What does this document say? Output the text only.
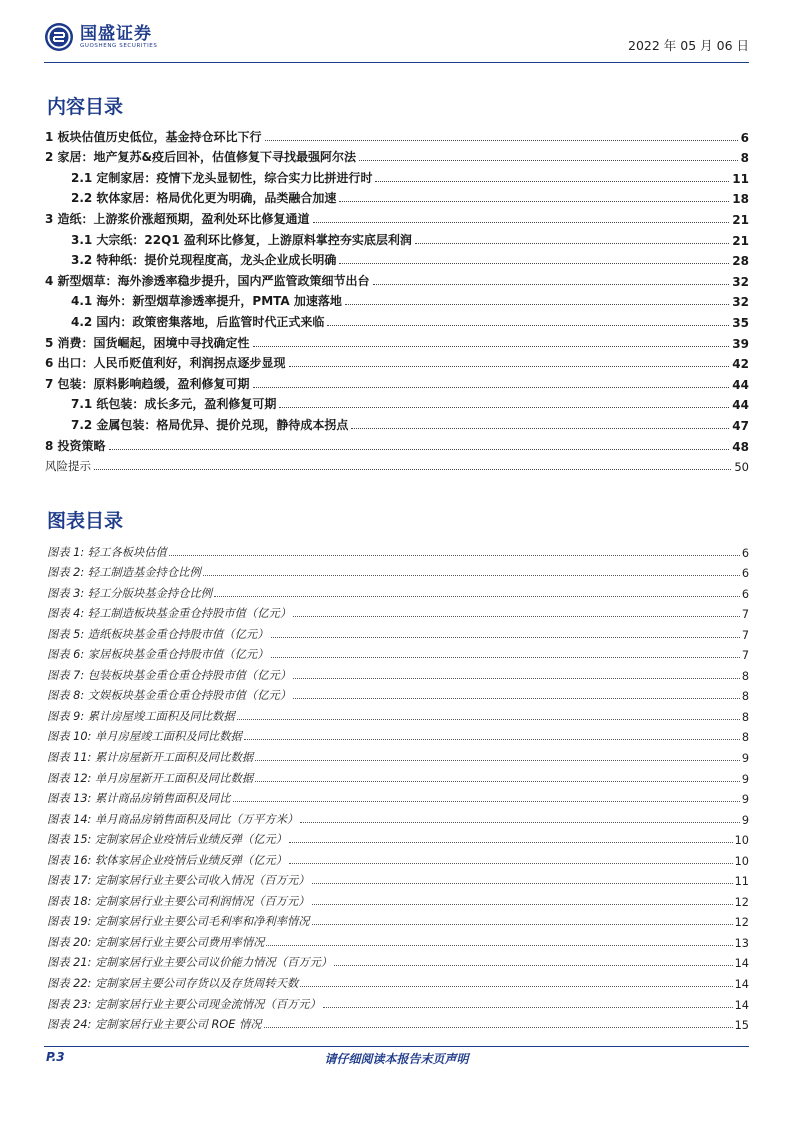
国盛证券
GUOSHENG SECURITIES	2022 年 05 月 06 日
内容目录
1 板块估值历史低位，基金持仓环比下行	6
2 家居：地产复苏&疫后回补，估值修复下寻找最强阿尔法	8
2.1 定制家居：疫情下龙头显韧性，综合实力比拼进行时	11
2.2 软体家居：格局优化更为明确，品类融合加速	18
3 造纸：上游浆价涨超预期，盈利处环比修复通道	21
3.1 大宗纸：22Q1 盈利环比修复，上游原料掌控夯实底层利润	21
3.2 特种纸：提价兑现程度高，龙头企业成长明确	28
4 新型烟草：海外渗透率稳步提升，国内严监管政策细节出台	32
4.1 海外：新型烟草渗透率提升，PMTA 加速落地	32
4.2 国内：政策密集落地，后监管时代正式来临	35
5 消费：国货崛起，困境中寻找确定性	39
6 出口：人民币贬值利好，利润拐点逐步显现	42
7 包装：原料影响趋缓，盈利修复可期	44
7.1 纸包装：成长多元，盈利修复可期	44
7.2 金属包装：格局优异、提价兑现，静待成本拐点	47
8 投资策略	48
风险提示	50
图表目录
图表 1: 轻工各板块估值	6
图表 2: 轻工制造基金持仓比例	6
图表 3: 轻工分版块基金持仓比例	6
图表 4: 轻工制造板块基金重仓持股市值（亿元）	7
图表 5: 造纸板块基金重仓持股市值（亿元）	7
图表 6: 家居板块基金重仓持股市值（亿元）	7
图表 7: 包装板块基金重仓重仓持股市值（亿元）	8
图表 8: 文娱板块基金重仓重仓持股市值（亿元）	8
图表 9: 累计房屋竣工面积及同比数据	8
图表 10: 单月房屋竣工面积及同比数据	8
图表 11: 累计房屋新开工面积及同比数据	9
图表 12: 单月房屋新开工面积及同比数据	9
图表 13: 累计商品房销售面积及同比	9
图表 14: 单月商品房销售面积及同比（万平方米）	9
图表 15: 定制家居企业疫情后业绩反弹（亿元）	10
图表 16: 软体家居企业疫情后业绩反弹（亿元）	10
图表 17: 定制家居行业主要公司收入情况（百万元）	11
图表 18: 定制家居行业主要公司利润情况（百万元）	12
图表 19: 定制家居行业主要公司毛利率和净利率情况	12
图表 20: 定制家居行业主要公司费用率情况	13
图表 21: 定制家居行业主要公司议价能力情况（百万元）	14
图表 22: 定制家居主要公司存货以及存货周转天数	14
图表 23: 定制家居行业主要公司现金流情况（百万元）	14
图表 24: 定制家居行业主要公司 ROE 情况	15
P.3	请仔细阅读本报告末页声明
